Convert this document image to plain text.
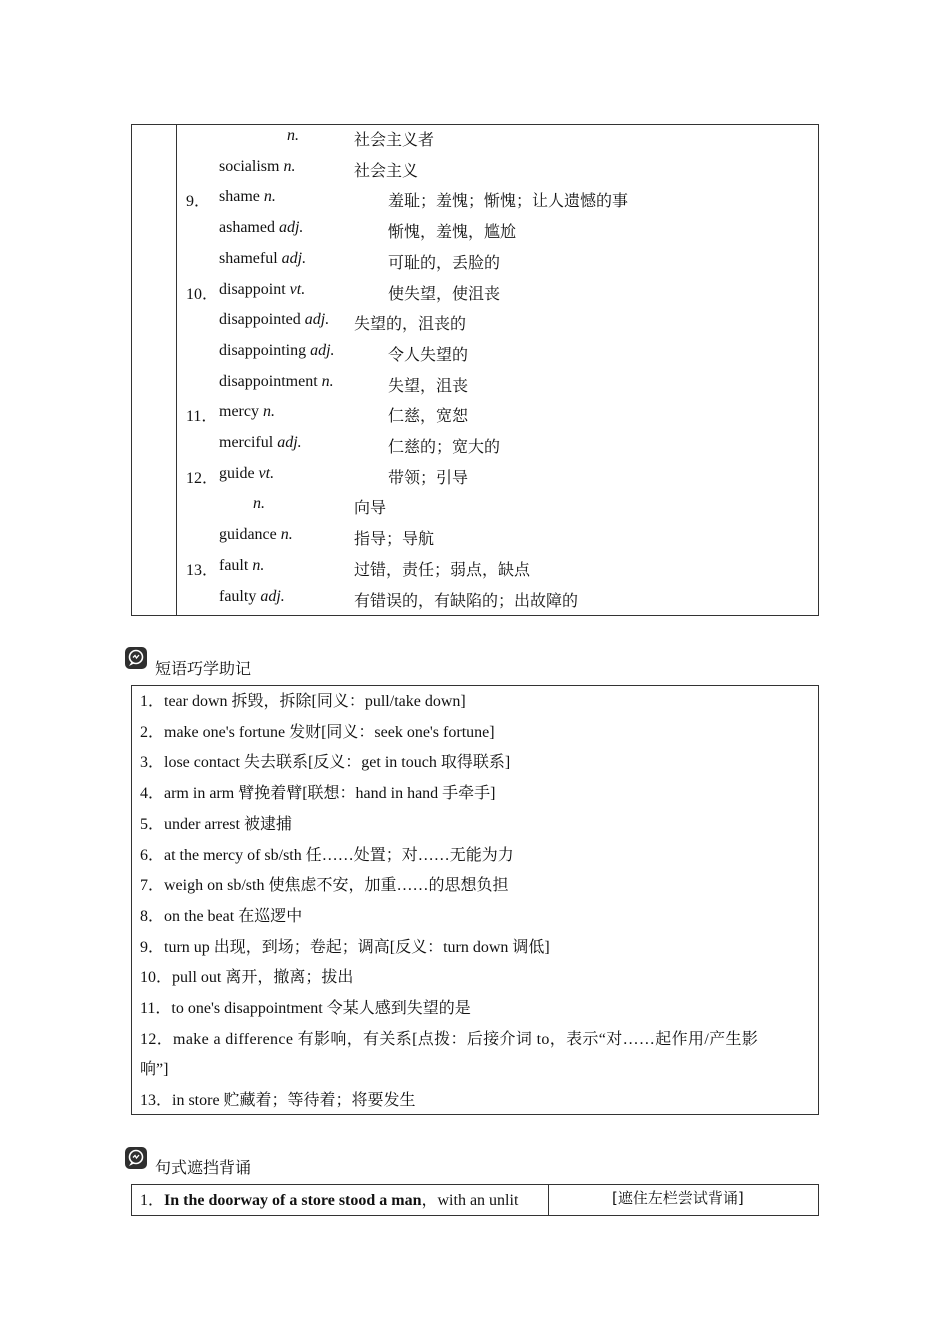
n.	社会主义者
socialism n.	社会主义
9． shame n.	羞耻；羞愧；惭愧；让人遗憾的事
ashamed adj.	惭愧，羞愧，尴尬
shameful adj.	可耻的，丢脸的
10． disappoint vt.	使失望，使沮丧
disappointed adj. 失望的，沮丧的
disappointing adj.	令人失望的
disappointment n.	失望，沮丧
11． mercy n.	仁慈，宽恕
merciful adj.	仁慈的；宽大的
12． guide vt.	带领；引导
n.	向导
guidance n.	指导；导航
13． fault n.	过错，责任；弱点，缺点
faulty adj.	有错误的，有缺陷的；出故障的
短语巧学助记
1．tear down 拆毁，拆除[同义：pull/take down]
2．make one's fortune 发财[同义：seek one's fortune]
3．lose contact 失去联系[反义：get in touch 取得联系]
4．arm in arm 臂挽着臂[联想：hand in hand 手牵手]
5．under arrest 被逮捕
6．at the mercy of sb/sth 任……处置；对……无能为力
7．weigh on sb/sth 使焦虑不安，加重……的思想负担
8．on the beat 在巡逻中
9．turn up 出现，到场；卷起；调高[反义：turn down 调低]
10．pull out 离开，撤离；拔出
11．to one's disappointment 令某人感到失望的是
12．make a difference 有影响，有关系[点拨：后接介词 to，表示“对……起作用/产生影
响”]
13．in store 贮藏着；等待着；将要发生
句式遮挡背诵
1．In the doorway of a store stood a man，with an unlit	[遮住左栏尝试背诵]
